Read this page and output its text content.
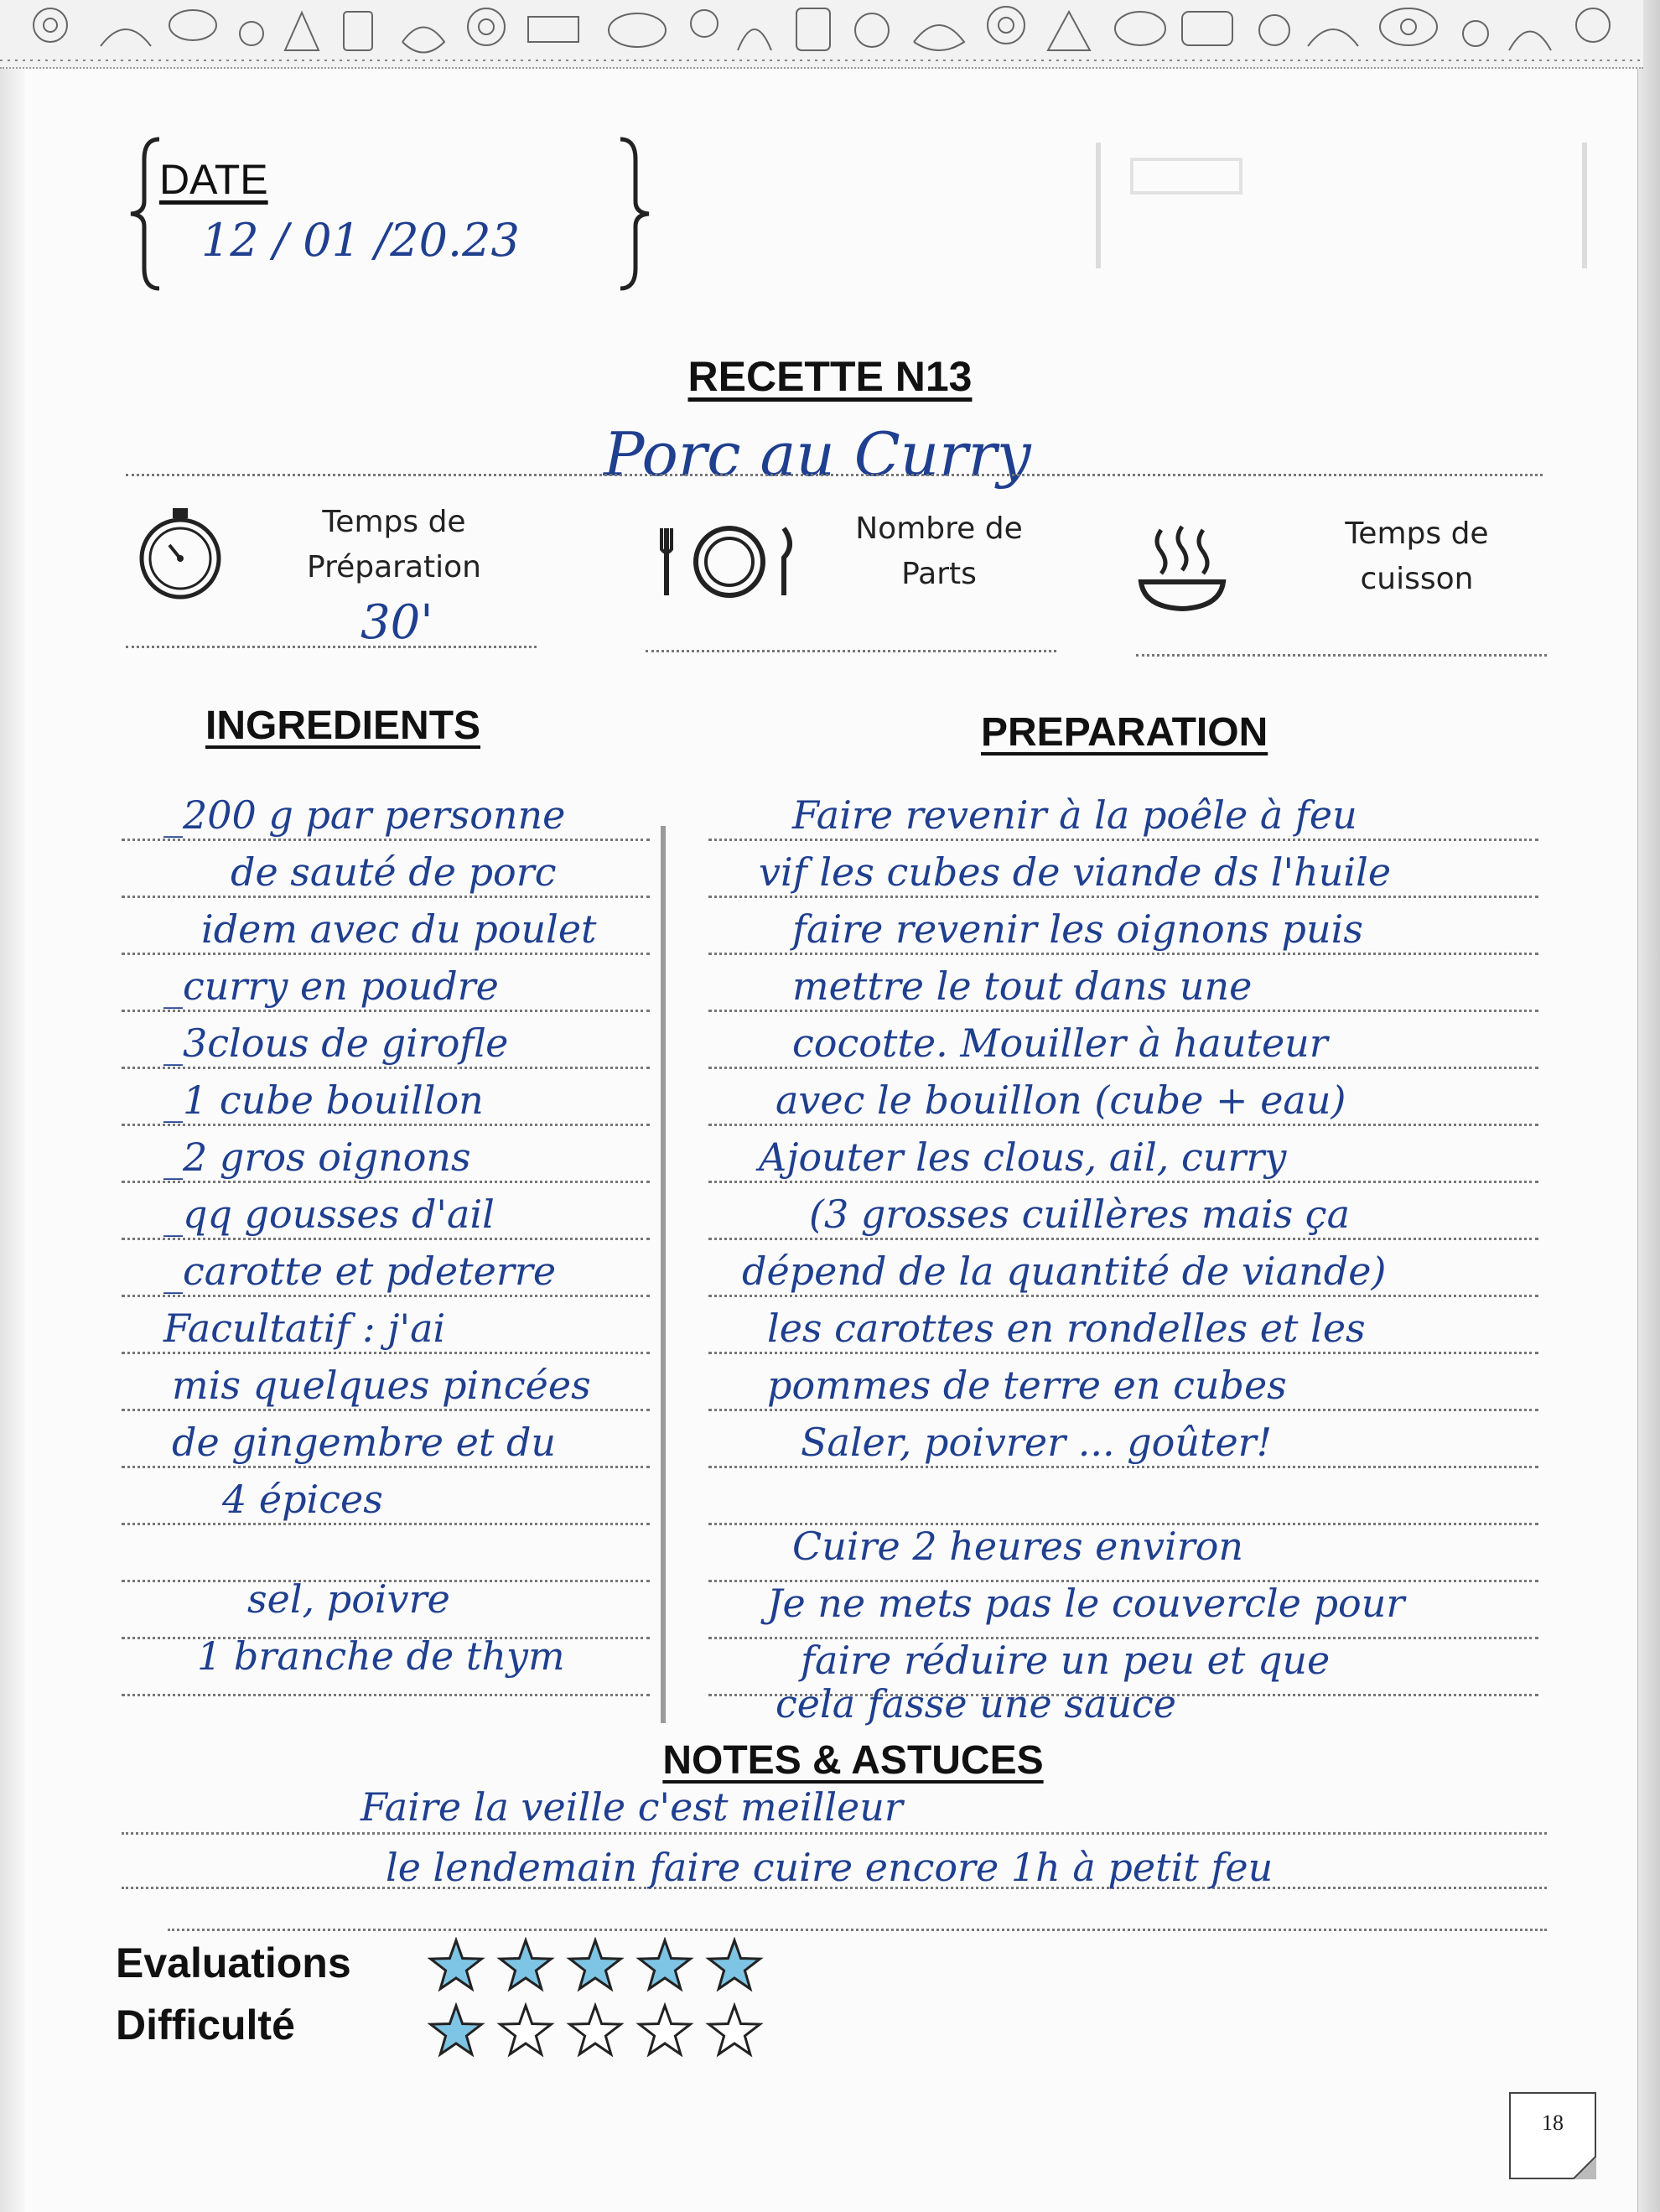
DATE
12 / 01 /20.23
RECETTE N13
Porc au Curry
Temps de
Préparation
30'
Nombre de
Parts
Temps de
cuisson
INGREDIENTS	PREPARATION
_200 g par personne
de sauté de porc
idem avec du poulet
_curry en poudre
_3clous de girofle
_1 cube bouillon
_2 gros oignons
_qq gousses d'ail
_carotte et pdeterre
Facultatif : j'ai
mis quelques pincées
de gingembre et du
4 épices
sel, poivre
1 branche de thym
Faire revenir à la poêle à feu
vif les cubes de viande ds l'huile
faire revenir les oignons puis
mettre le tout dans une
cocotte. Mouiller à hauteur
avec le bouillon (cube + eau)
Ajouter les clous, ail, curry
(3 grosses cuillères mais ça
dépend de la quantité de viande)
les carottes en rondelles et les
pommes de terre en cubes
Saler, poivrer ... goûter!
Cuire 2 heures environ
Je ne mets pas le couvercle pour
faire réduire un peu et que
cela fasse une sauce
NOTES & ASTUCES
Faire la veille c'est meilleur
le lendemain faire cuire encore 1h à petit feu
Evaluations
Difficulté
18
